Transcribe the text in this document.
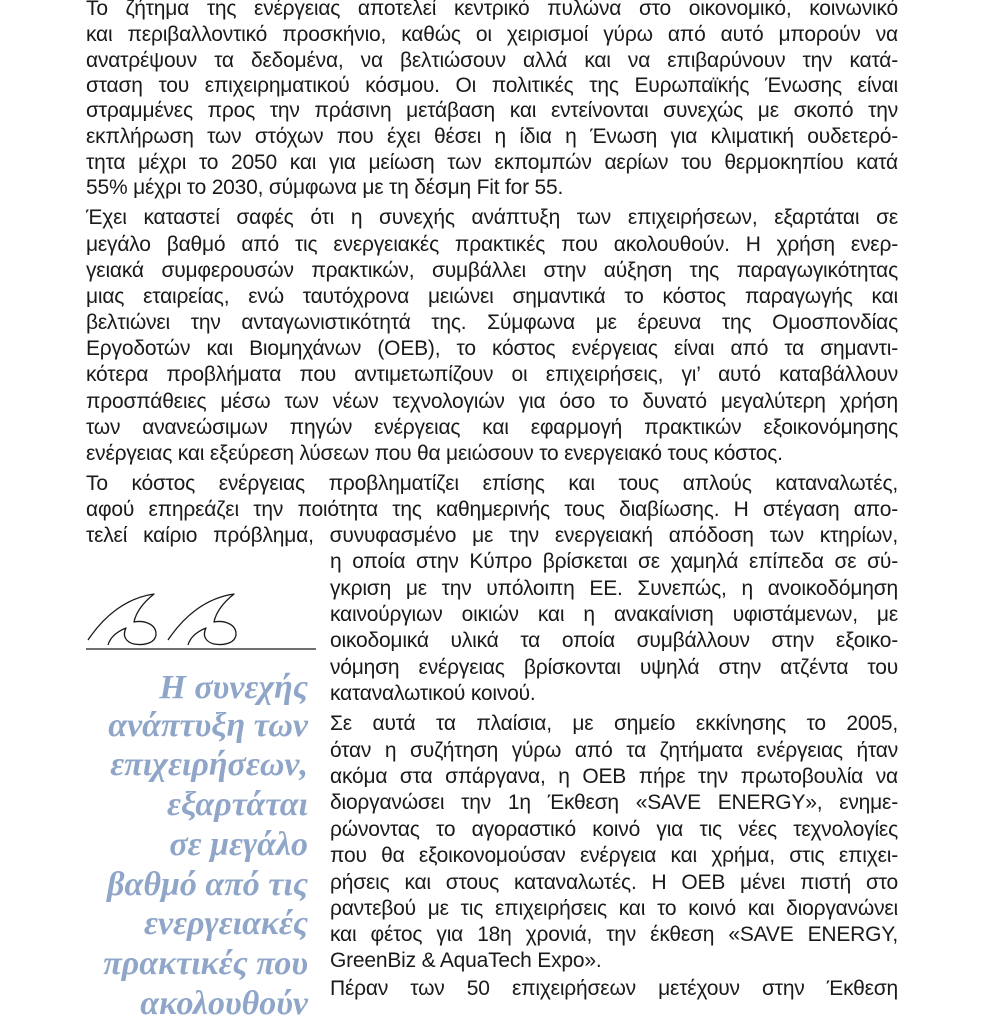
Το ζήτημα της ενέργειας αποτελεί κεντρικό πυλώνα στο οικονομικό, κοινωνικό
και περιβαλλοντικό προσκήνιο, καθώς οι χειρισμοί γύρω από αυτό μπορούν να
ανατρέψουν τα δεδομένα, να βελτιώσουν αλλά και να επιβαρύνουν την κατά-
σταση του επιχειρηματικού κόσμου. Οι πολιτικές της Ευρωπαϊκής Ένωσης είναι
στραμμένες προς την πράσινη μετάβαση και εντείνονται συνεχώς με σκοπό την
εκπλήρωση των στόχων που έχει θέσει η ίδια η Ένωση για κλιματική ουδετερό-
τητα μέχρι το 2050 και για μείωση των εκπομπών αερίων του θερμοκηπίου κατά
55% μέχρι το 2030, σύμφωνα με τη δέσμη Fit for 55.
Έχει καταστεί σαφές ότι η συνεχής ανάπτυξη των επιχειρήσεων, εξαρτάται σε
μεγάλο βαθμό από τις ενεργειακές πρακτικές που ακολουθούν. Η χρήση ενερ-
γειακά συμφερουσών πρακτικών, συμβάλλει στην αύξηση της παραγωγικότητας
μιας εταιρείας, ενώ ταυτόχρονα μειώνει σημαντικά το κόστος παραγωγής και
βελτιώνει την ανταγωνιστικότητά της. Σύμφωνα με έρευνα της Ομοσπονδίας
Εργοδοτών και Βιομηχάνων (ΟΕΒ), το κόστος ενέργειας είναι από τα σημαντι-
κότερα προβλήματα που αντιμετωπίζουν οι επιχειρήσεις, γι’ αυτό καταβάλλουν
προσπάθειες μέσω των νέων τεχνολογιών για όσο το δυνατό μεγαλύτερη χρήση
των ανανεώσιμων πηγών ενέργειας και εφαρμογή πρακτικών εξοικονόμησης
ενέργειας και εξεύρεση λύσεων που θα μειώσουν το ενεργειακό τους κόστος.
Το κόστος ενέργειας προβληματίζει επίσης και τους απλούς καταναλωτές,
αφού επηρεάζει την ποιότητα της καθημερινής τους διαβίωσης. Η στέγαση απο-
τελεί καίριο πρόβλημα, συνυφασμένο με την ενεργειακή απόδοση των κτηρίων,
η οποία στην Κύπρο βρίσκεται σε χαμηλά επίπεδα σε σύ-
γκριση με την υπόλοιπη ΕΕ. Συνεπώς, η ανοικοδόμηση
καινούργιων οικιών και η ανακαίνιση υφιστάμενων, με
οικοδομικά υλικά τα οποία συμβάλλουν στην εξοικο-
νόμηση ενέργειας βρίσκονται υψηλά στην ατζέντα του
καταναλωτικού κοινού.
Σε αυτά τα πλαίσια, με σημείο εκκίνησης το 2005,
όταν η συζήτηση γύρω από τα ζητήματα ενέργειας ήταν
ακόμα στα σπάργανα, η ΟΕΒ πήρε την πρωτοβουλία να
διοργανώσει την 1η Έκθεση «SAVE ENERGY», ενημε-
ρώνοντας το αγοραστικό κοινό για τις νέες τεχνολογίες
που θα εξοικονομούσαν ενέργεια και χρήμα, στις επιχει-
ρήσεις και στους καταναλωτές. Η ΟΕΒ μένει πιστή στο
ραντεβού με τις επιχειρήσεις και το κοινό και διοργανώνει
και φέτος για 18η χρονιά, την έκθεση «SAVE ENERGY,
GreenBiz & AquaTech Expo».
Πέραν των 50 επιχειρήσεων μετέχουν στην Έκθεση
Η συνεχής
ανάπτυξη των
επιχειρήσεων,
εξαρτάται
σε μεγάλο
βαθμό από τις
ενεργειακές
πρακτικές που
ακολουθούν
